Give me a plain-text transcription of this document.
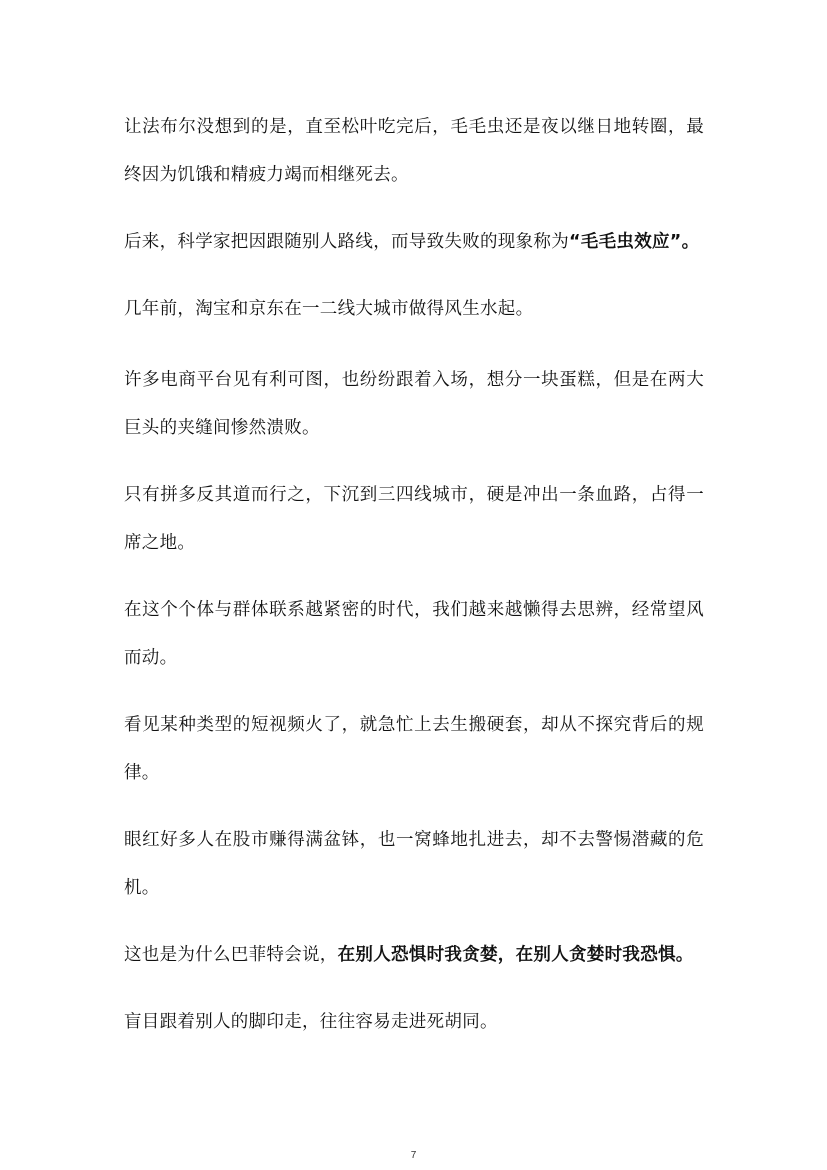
让法布尔没想到的是，直至松叶吃完后，毛毛虫还是夜以继日地转圈，最终因为饥饿和精疲力竭而相继死去。

后来，科学家把因跟随别人路线，而导致失败的现象称为“毛毛虫效应”。

几年前，淘宝和京东在一二线大城市做得风生水起。

许多电商平台见有利可图，也纷纷跟着入场，想分一块蛋糕，但是在两大巨头的夹缝间惨然溃败。

只有拼多反其道而行之，下沉到三四线城市，硬是冲出一条血路，占得一席之地。

在这个个体与群体联系越紧密的时代，我们越来越懒得去思辨，经常望风而动。

看见某种类型的短视频火了，就急忙上去生搬硬套，却从不探究背后的规律。

眼红好多人在股市赚得满盆钵，也一窝蜂地扎进去，却不去警惕潜藏的危机。

这也是为什么巴菲特会说，在别人恐惧时我贪婪，在别人贪婪时我恐惧。

盲目跟着别人的脚印走，往往容易走进死胡同。

7
